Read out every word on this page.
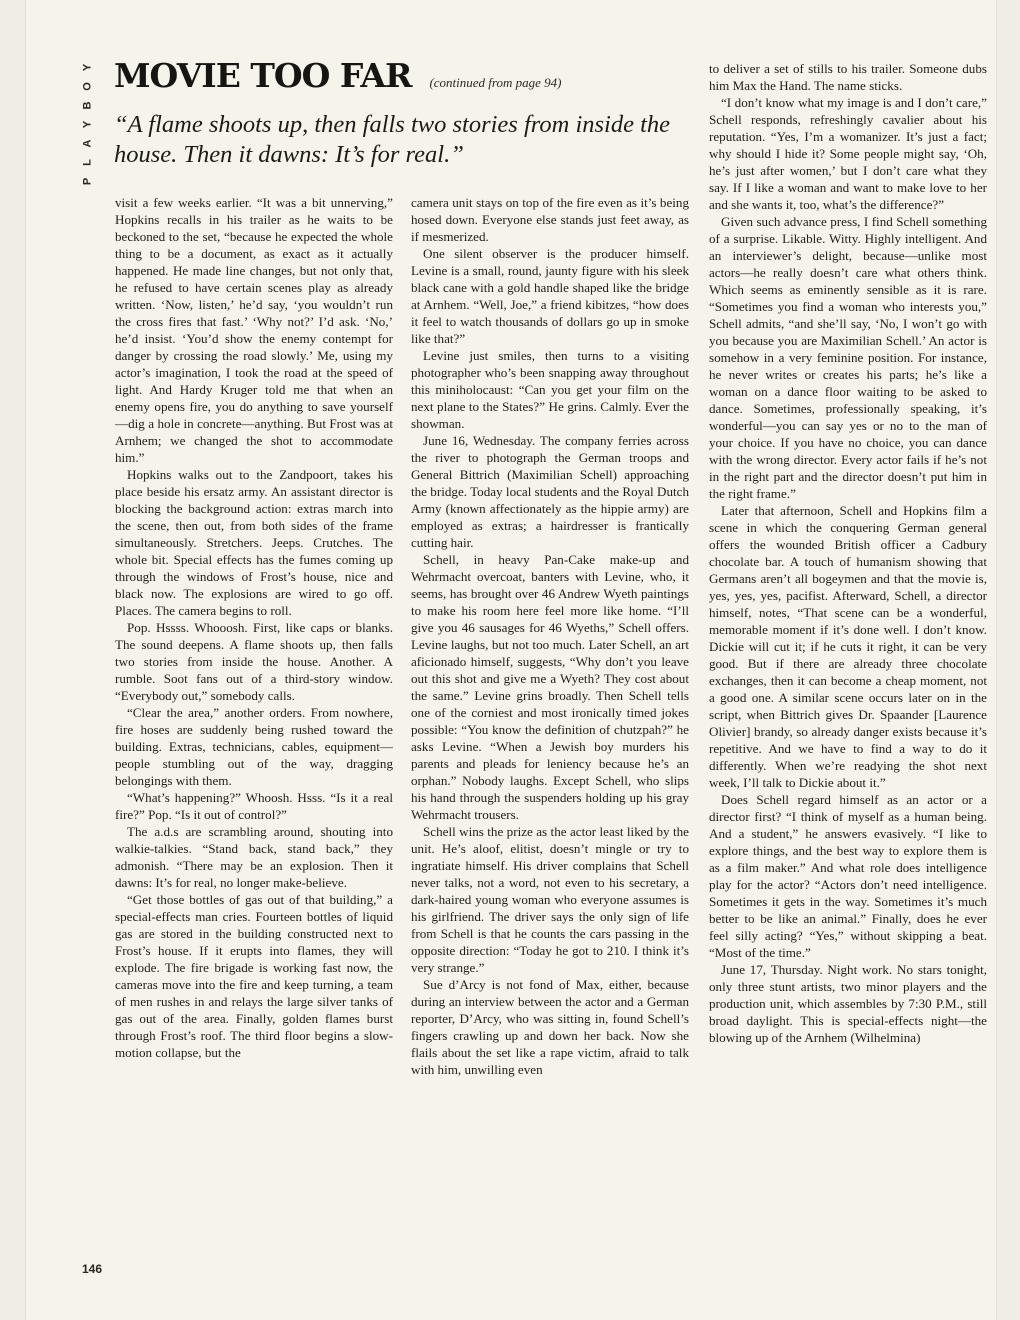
Y
O
B
Y
A
L
P
MOVIE TOO FAR (continued from page 94)
“A flame shoots up, then falls two stories from inside the house. Then it dawns: It’s for real.”

visit a few weeks earlier. “It was a bit unnerving,” Hopkins recalls in his trailer as he waits to be beckoned to the set, “because he expected the whole thing to be a document, as exact as it actually happened. He made line changes, but not only that, he refused to have certain scenes play as already written. ‘Now, listen,’ he’d say, ‘you wouldn’t run the cross fires that fast.’ ‘Why not?’ I’d ask. ‘No,’ he’d insist. ‘You’d show the enemy contempt for danger by crossing the road slowly.’ Me, using my actor’s imagination, I took the road at the speed of light. And Hardy Kruger told me that when an enemy opens fire, you do anything to save yourself—dig a hole in concrete—anything. But Frost was at Arnhem; we changed the shot to accommodate him.”

Hopkins walks out to the Zandpoort, takes his place beside his ersatz army. An assistant director is blocking the background action: extras march into the scene, then out, from both sides of the frame simultaneously. Stretchers. Jeeps. Crutches. The whole bit. Special effects has the fumes coming up through the windows of Frost’s house, nice and black now. The explosions are wired to go off. Places. The camera begins to roll.

Pop. Hssss. Whooosh. First, like caps or blanks. The sound deepens. A flame shoots up, then falls two stories from inside the house. Another. A rumble. Soot fans out of a third-story window. “Everybody out,” somebody calls.

“Clear the area,” another orders. From nowhere, fire hoses are suddenly being rushed toward the building. Extras, technicians, cables, equipment—people stumbling out of the way, dragging belongings with them.

“What’s happening?” Whoosh. Hsss. “Is it a real fire?” Pop. “Is it out of control?”

The a.d.s are scrambling around, shouting into walkie-talkies. “Stand back, stand back,” they admonish. “There may be an explosion. Then it dawns: It’s for real, no longer make-believe.

“Get those bottles of gas out of that building,” a special-effects man cries. Fourteen bottles of liquid gas are stored in the building constructed next to Frost’s house. If it erupts into flames, they will explode. The fire brigade is working fast now, the cameras move into the fire and keep turning, a team of men rushes in and relays the large silver tanks of gas out of the area. Finally, golden flames burst through Frost’s roof. The third floor begins a slow-motion collapse, but the

camera unit stays on top of the fire even as it’s being hosed down. Everyone else stands just feet away, as if mesmerized.

One silent observer is the producer himself. Levine is a small, round, jaunty figure with his sleek black cane with a gold handle shaped like the bridge at Arnhem. “Well, Joe,” a friend kibitzes, “how does it feel to watch thousands of dollars go up in smoke like that?”

Levine just smiles, then turns to a visiting photographer who’s been snapping away throughout this miniholocaust: “Can you get your film on the next plane to the States?” He grins. Calmly. Ever the showman.

June 16, Wednesday. The company ferries across the river to photograph the German troops and General Bittrich (Maximilian Schell) approaching the bridge. Today local students and the Royal Dutch Army (known affectionately as the hippie army) are employed as extras; a hairdresser is frantically cutting hair.

Schell, in heavy Pan-Cake make-up and Wehrmacht overcoat, banters with Levine, who, it seems, has brought over 46 Andrew Wyeth paintings to make his room here feel more like home. “I’ll give you 46 sausages for 46 Wyeths,” Schell offers. Levine laughs, but not too much. Later Schell, an art aficionado himself, suggests, “Why don’t you leave out this shot and give me a Wyeth? They cost about the same.” Levine grins broadly. Then Schell tells one of the corniest and most ironically timed jokes possible: “You know the definition of chutzpah?” he asks Levine. “When a Jewish boy murders his parents and pleads for leniency because he’s an orphan.” Nobody laughs. Except Schell, who slips his hand through the suspenders holding up his gray Wehrmacht trousers.

Schell wins the prize as the actor least liked by the unit. He’s aloof, elitist, doesn’t mingle or try to ingratiate himself. His driver complains that Schell never talks, not a word, not even to his secretary, a dark-haired young woman who everyone assumes is his girlfriend. The driver says the only sign of life from Schell is that he counts the cars passing in the opposite direction: “Today he got to 210. I think it’s very strange.”

Sue d’Arcy is not fond of Max, either, because during an interview between the actor and a German reporter, D’Arcy, who was sitting in, found Schell’s fingers crawling up and down her back. Now she flails about the set like a rape victim, afraid to talk with him, unwilling even

to deliver a set of stills to his trailer. Someone dubs him Max the Hand. The name sticks.

“I don’t know what my image is and I don’t care,” Schell responds, refreshingly cavalier about his reputation. “Yes, I’m a womanizer. It’s just a fact; why should I hide it? Some people might say, ‘Oh, he’s just after women,’ but I don’t care what they say. If I like a woman and want to make love to her and she wants it, too, what’s the difference?”

Given such advance press, I find Schell something of a surprise. Likable. Witty. Highly intelligent. And an interviewer’s delight, because—unlike most actors—he really doesn’t care what others think. Which seems as eminently sensible as it is rare. “Sometimes you find a woman who interests you,” Schell admits, “and she’ll say, ‘No, I won’t go with you because you are Maximilian Schell.’ An actor is somehow in a very feminine position. For instance, he never writes or creates his parts; he’s like a woman on a dance floor waiting to be asked to dance. Sometimes, professionally speaking, it’s wonderful—you can say yes or no to the man of your choice. If you have no choice, you can dance with the wrong director. Every actor fails if he’s not in the right part and the director doesn’t put him in the right frame.”

Later that afternoon, Schell and Hopkins film a scene in which the conquering German general offers the wounded British officer a Cadbury chocolate bar. A touch of humanism showing that Germans aren’t all bogeymen and that the movie is, yes, yes, yes, pacifist. Afterward, Schell, a director himself, notes, “That scene can be a wonderful, memorable moment if it’s done well. I don’t know. Dickie will cut it; if he cuts it right, it can be very good. But if there are already three chocolate exchanges, then it can become a cheap moment, not a good one. A similar scene occurs later on in the script, when Bittrich gives Dr. Spaander [Laurence Olivier] brandy, so already danger exists because it’s repetitive. And we have to find a way to do it differently. When we’re readying the shot next week, I’ll talk to Dickie about it.”

Does Schell regard himself as an actor or a director first? “I think of myself as a human being. And a student,” he answers evasively. “I like to explore things, and the best way to explore them is as a film maker.” And what role does intelligence play for the actor? “Actors don’t need intelligence. Sometimes it gets in the way. Sometimes it’s much better to be like an animal.” Finally, does he ever feel silly acting? “Yes,” without skipping a beat. “Most of the time.”

June 17, Thursday. Night work. No stars tonight, only three stunt artists, two minor players and the production unit, which assembles by 7:30 P.M., still broad daylight. This is special-effects night—the blowing up of the Arnhem (Wilhelmina)

146
